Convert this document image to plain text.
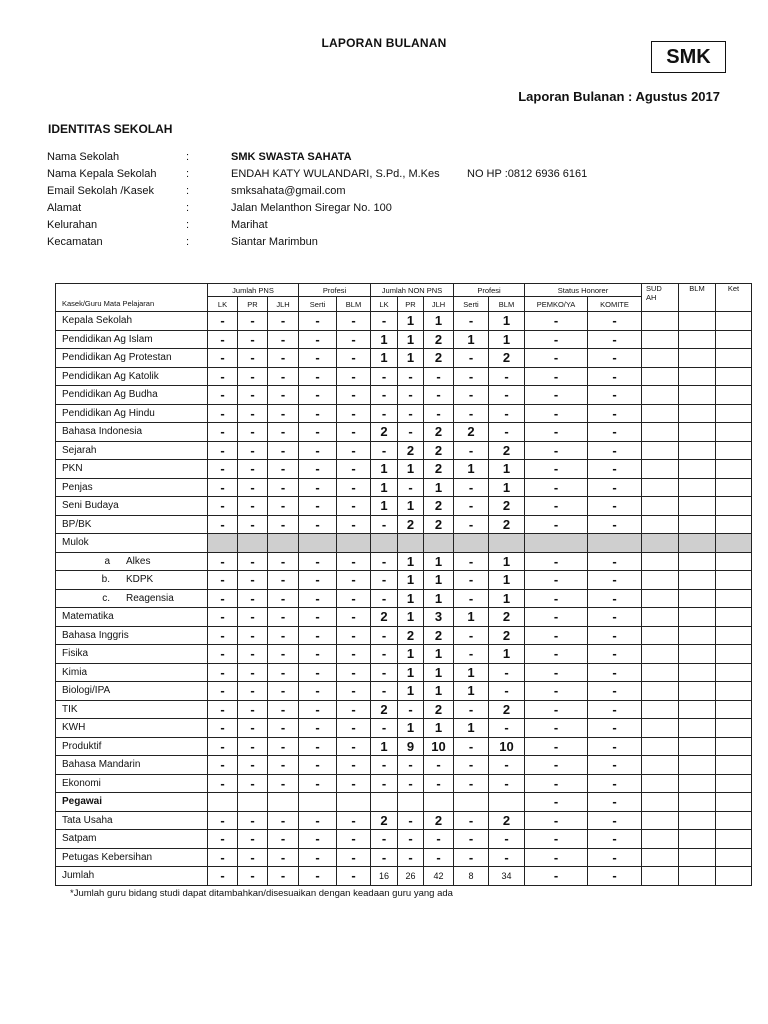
LAPORAN BULANAN
SMK
Laporan Bulanan : Agustus 2017
IDENTITAS SEKOLAH
Nama Sekolah	:	SMK SWASTA SAHATA
Nama Kepala Sekolah	:	ENDAH KATY WULANDARI, S.Pd., M.Kes NO HP :0812 6936 6161
Email Sekolah /Kasek	:	smksahata@gmail.com
Alamat	:	Jalan Melanthon Siregar No. 100
Kelurahan	:	Marihat
Kecamatan	:	Siantar Marimbun
	Jumlah PNS			Profesi		Jumlah NON PNS			Profesi		Status Honorer		SUD AH	BLM	Ket
Kasek/Guru Mata Pelajaran	LK	PR	JLH	Serti	BLM	LK	PR	JLH	Serti	BLM	PEMKO/YA	KOMITE			
Kepala Sekolah	-	-	-	-	-	-	1	1	-	1	-	-			
Pendidikan Ag Islam	-	-	-	-	-	1	1	2	1	1	-	-			
Pendidikan Ag Protestan	-	-	-	-	-	1	1	2	-	2	-	-			
Pendidikan Ag Katolik	-	-	-	-	-	-	-	-	-	-	-	-			
Pendidikan Ag Budha	-	-	-	-	-	-	-	-	-	-	-	-			
Pendidikan Ag Hindu	-	-	-	-	-	-	-	-	-	-	-	-			
Bahasa Indonesia	-	-	-	-	-	2	-	2	2	-	-	-			
Sejarah	-	-	-	-	-	-	2	2	-	2	-	-			
PKN	-	-	-	-	-	1	1	2	1	1	-	-			
Penjas	-	-	-	-	-	1	-	1	-	1	-	-			
Seni Budaya	-	-	-	-	-	1	1	2	-	2	-	-			
BP/BK	-	-	-	-	-	-	2	2	-	2	-	-			
Mulok															
a Alkes	-	-	-	-	-	-	1	1	-	1	-	-			
b. KDPK	-	-	-	-	-	-	1	1	-	1	-	-			
c. Reagensia	-	-	-	-	-	-	1	1	-	1	-	-			
Matematika	-	-	-	-	-	2	1	3	1	2	-	-			
Bahasa Inggris	-	-	-	-	-	-	2	2	-	2	-	-			
Fisika	-	-	-	-	-	-	1	1	-	1	-	-			
Kimia	-	-	-	-	-	-	1	1	1	-	-	-			
Biologi/IPA	-	-	-	-	-	-	1	1	1	-	-	-			
TIK	-	-	-	-	-	2	-	2	-	2	-	-			
KWH	-	-	-	-	-	-	1	1	1	-	-	-			
Produktif	-	-	-	-	-	1	9	10	-	10	-	-			
Bahasa Mandarin	-	-	-	-	-	-	-	-	-	-	-	-			
Ekonomi	-	-	-	-	-	-	-	-	-	-	-	-			
Pegawai											-	-			
Tata Usaha	-	-	-	-	-	2	-	2	-	2	-	-			
Satpam	-	-	-	-	-	-	-	-	-	-	-	-			
Petugas Kebersihan	-	-	-	-	-	-	-	-	-	-	-	-			
Jumlah	-	-	-	-	-	16	26	42	8	34	-	-			
*Jumlah guru bidang studi dapat ditambahkan/disesuaikan dengan keadaan guru yang ada
